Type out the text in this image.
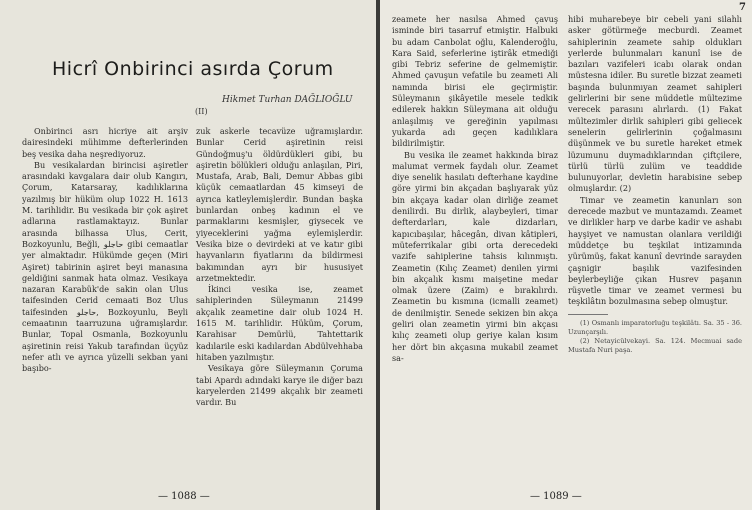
Hicrî Onbirinci asırda Çorum
Hikmet Turhan DAĞLIOĞLU
(II)

Onbirinci asrı hicriye ait arşiv dairesindeki mühimme defterlerinden beş vesika daha neşrediyoruz.

Bu vesikalardan birincisi aşiretler arasındaki kavgalara dair olub Kangırı, Çorum, Katarsaray, kadılıklarına yazılmış bir hüküm olup 1022 H. 1613 M. tarihlidir. Bu vesikada bir çok aşiret adlarına rastlamaktayız. Bunlar arasında bilhassa Ulus, Cerit, Bozkoyunlu, Beğli, حاجلو gibi cemaatlar yer almaktadır. Hükümde geçen (Miri Aşiret) tabirinin aşiret beyi manasına geldiğini sanmak hata olmaz. Vesikaya nazaran Karabük'de sakin olan Ulus taifesinden Cerid cemaati Boz Ulus taifesinden حاجلو, Bozkoyunlu, Beyli cemaatının taarruzuna uğramışlardır. Bunlar, Topal Osmanla, Bozkoyunlu aşiretinin reisi Yakub tarafından üçyüz nefer atlı ve ayrıca yüzelli sekban yani başıbo-

zuk askerle tecavüze uğramışlardır. Bunlar Cerid aşiretinin reisi Gündoğmuş'u öldürdükleri gibi, bu aşiretin bölükleri olduğu anlaşılan, Piri, Mustafa, Arab, Bali, Demur Abbas gibi küçük cemaatlardan 45 kimseyi de ayrıca katleylemişlerdir. Bundan başka bunlardan onbeş kadının el ve parmaklarını kesmişler, giysecek ve yiyeceklerini yağma eylemişlerdir. Vesika bize o devirdeki at ve katır gibi hayvanların fiyatlarını da bildirmesi bakımından ayrı bir hususiyet arzetmektedir.

İkinci vesika ise, zeamet sahiplerinden Süleymanın 21499 akçalık zeametine dair olub 1024 H. 1615 M. tarihlidir. Hüküm, Çorum, Karahisar Demürlü, Tahtettarik kadılarile eski kadılardan Abdülvehhaba hitaben yazılmıştır.

Vesikaya göre Süleymanın Çoruma tabi Apardı adındaki karye ile diğer bazı karyelerden 21499 akçalık bir zeameti vardır. Bu

— 1088 —
7

zeamete her nasılsa Ahmed çavuş isminde biri tasarruf etmiştir. Halbuki bu adam Canbolat oğlu, Kalenderoğlu, Kara Said, seferlerine iştirâk etmediği gibi Tebriz seferine de gelmemiştir. Ahmed çavuşun vefatile bu zeameti Ali namında birisi ele geçirmiştir. Süleymanın şikâyetile mesele tedkik edilerek hakkın Süleymana ait olduğu anlaşılmış ve gereğinin yapılması yukarda adı geçen kadılıklara bildirilmiştir.

Bu vesika ile zeamet hakkında biraz malumat vermek faydalı olur. Zeamet diye senelik hasılatı defterhane kaydine göre yirmi bin akçadan başlıyarak yüz bin akçaya kadar olan dirliğe zeamet denilirdi. Bu dirlik, alaybeyleri, timar defterdarları, kale dizdarları, kapıcıbaşılar, hâcegân, divan kâtipleri, müteferrikalar gibi orta derecedeki vazife sahiplerine tahsis kılınmıştı. Zeametin (Kılıç Zeamet) denilen yirmi bin akçalık kısmı maişetine medar olmak üzere (Zaim) e bırakılırdı. Zeametin bu kısmına (icmalli zeamet) de denilmiştir. Senede sekizen bin akça geliri olan zeametin yirmi bin akçası kılıç zeameti olup geriye kalan kısım her dört bin akçasına mukabil zeamet sa-

hibi muharebeye bir cebeli yani silahlı asker götürmeğe mecburdi. Zeamet sahiplerinin zeamete sahip oldukları yerlerde bulunmaları kanunî ise de bazıları vazifeleri icabı olarak ondan müstesna idiler. Bu suretle bizzat zeameti başında bulunmıyan zeamet sahipleri gelirlerini bir sene müddetle mültezime verecek parasını alırlardı. (1) Fakat mültezimler dirlik sahipleri gibi geliecek senelerin gelirlerinin çoğalmasını düşünmek ve bu suretle hareket etmek lüzumunu duymadıklarından çiftçilere, türlü türlü zulüm ve teaddide bulunuyorlar, devletin harabisine sebep olmuşlardır. (2)

Timar ve zeametin kanunları son derecede mazbut ve muntazamdı. Zeamet ve dirlikler harp ve darbe kadir ve ashabı hayşiyet ve namustan olanlara verildiği müddetçe bu teşkilat intizamında yürümüş, fakat kanunî devrinde sarayden çaşnigir başılık vazifesinden beylerbeyliğe çıkan Husrev paşanın rüşvetle timar ve zeamet vermesi bu teşkilâtın bozulmasına sebep olmuştur.

(1) Osmanlı imparatorluğu teşkilâtı. Sa. 35 - 36. Uzunçarşılı.

(2) Netayicülvekayi. Sa. 124. Mecmuai sade Mustafa Nuri paşa.

— 1089 —
